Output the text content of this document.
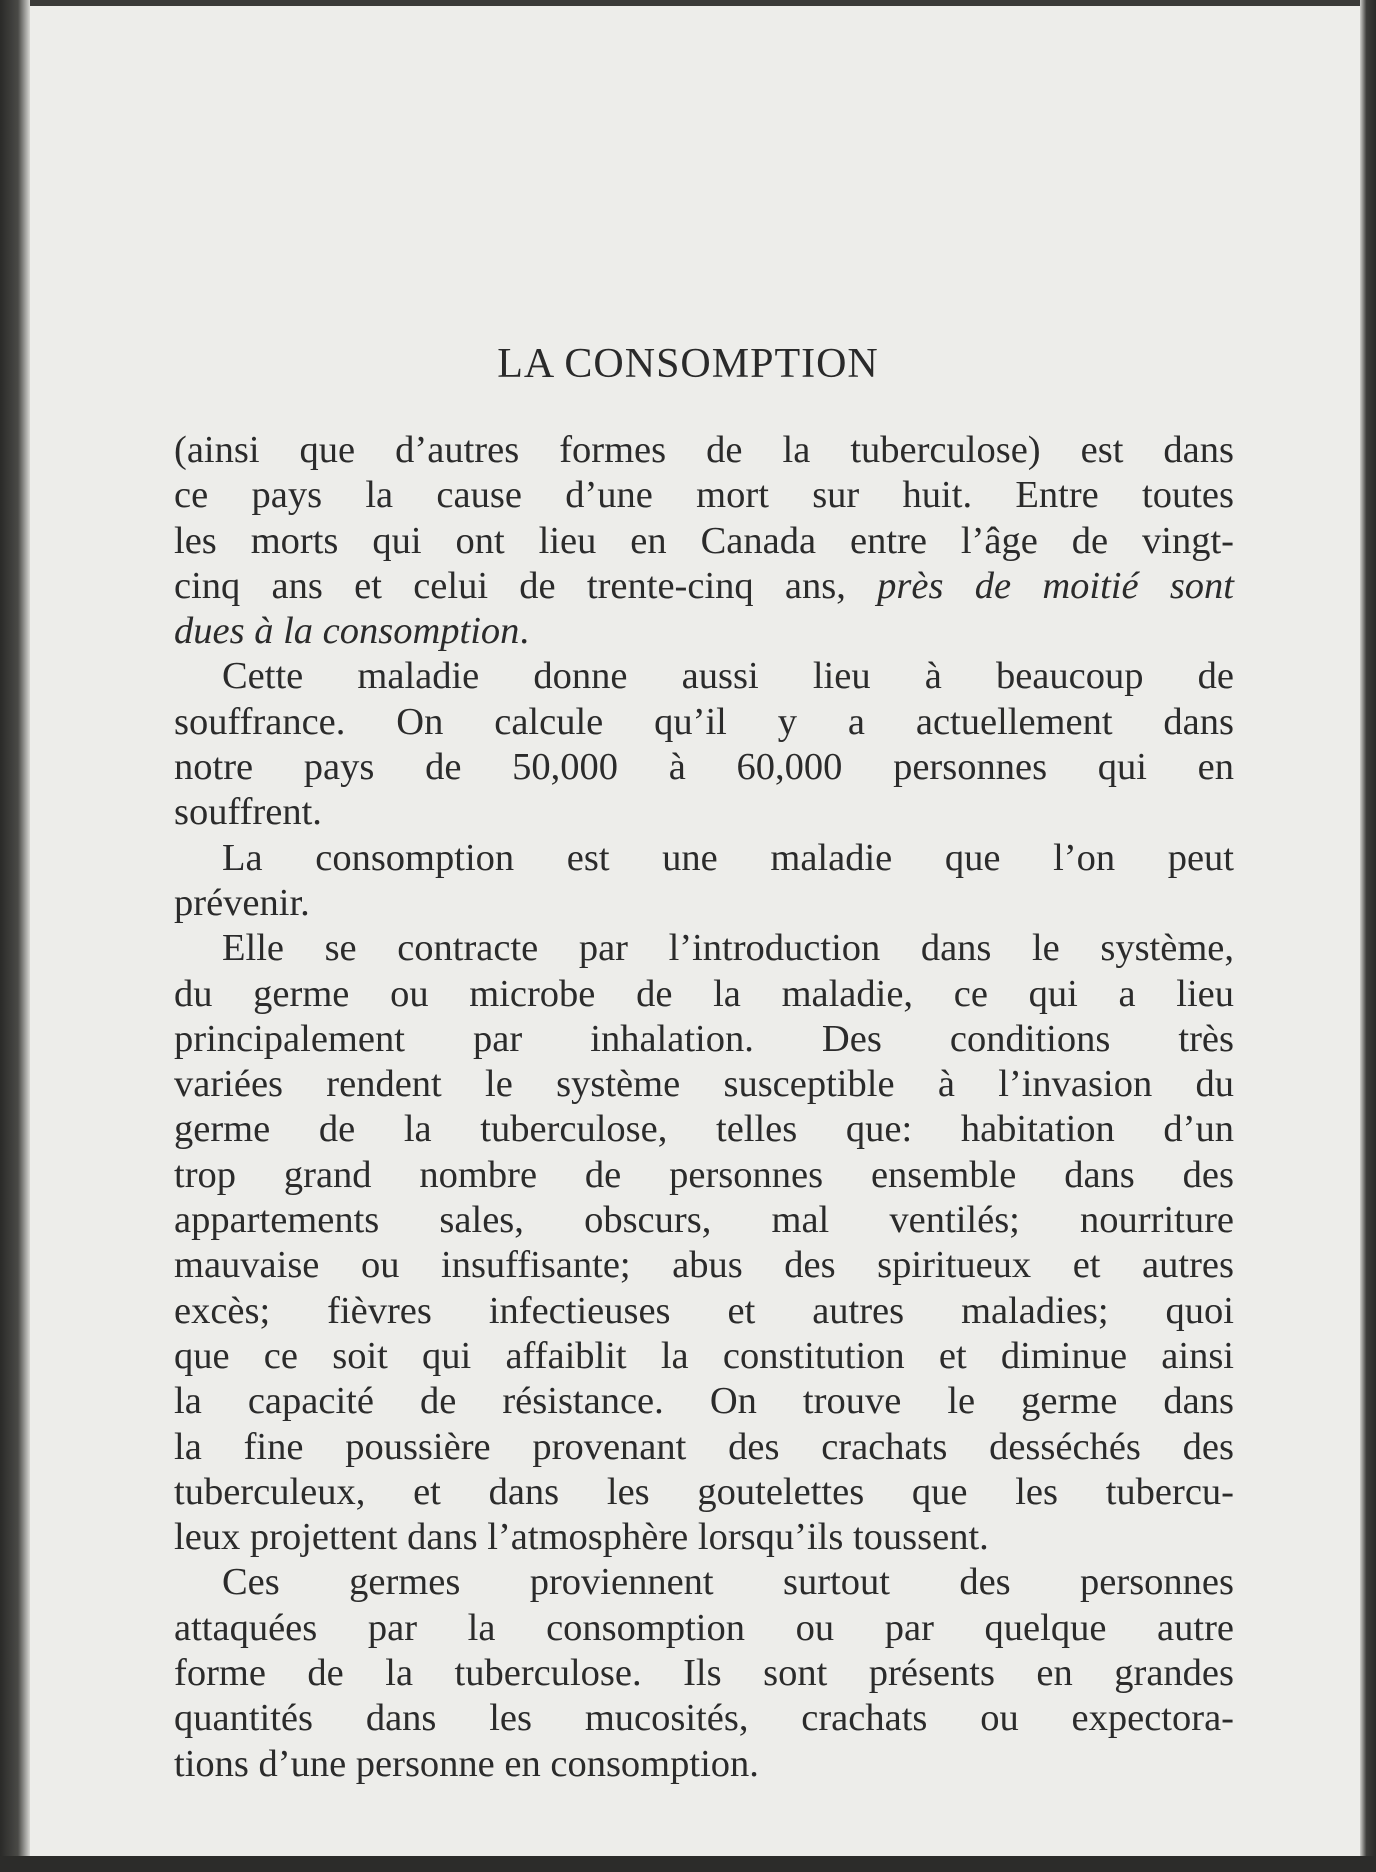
LA CONSOMPTION

(ainsi que d’autres formes de la tuberculose) est dans
ce pays la cause d’une mort sur huit. Entre toutes
les morts qui ont lieu en Canada entre l’âge de vingt-
cinq ans et celui de trente-cinq ans, près de moitié sont
dues à la consomption.

Cette maladie donne aussi lieu à beaucoup de
souffrance. On calcule qu’il y a actuellement dans
notre pays de 50,000 à 60,000 personnes qui en
souffrent.

La consomption est une maladie que l’on peut
prévenir.

Elle se contracte par l’introduction dans le système,
du germe ou microbe de la maladie, ce qui a lieu
principalement par inhalation. Des conditions très
variées rendent le système susceptible à l’invasion du
germe de la tuberculose, telles que: habitation d’un
trop grand nombre de personnes ensemble dans des
appartements sales, obscurs, mal ventilés; nourriture
mauvaise ou insuffisante; abus des spiritueux et autres
excès; fièvres infectieuses et autres maladies; quoi
que ce soit qui affaiblit la constitution et diminue ainsi
la capacité de résistance. On trouve le germe dans
la fine poussière provenant des crachats desséchés des
tuberculeux, et dans les goutelettes que les tubercu-
leux projettent dans l’atmosphère lorsqu’ils toussent.

Ces germes proviennent surtout des personnes
attaquées par la consomption ou par quelque autre
forme de la tuberculose. Ils sont présents en grandes
quantités dans les mucosités, crachats ou expectora-
tions d’une personne en consomption.
